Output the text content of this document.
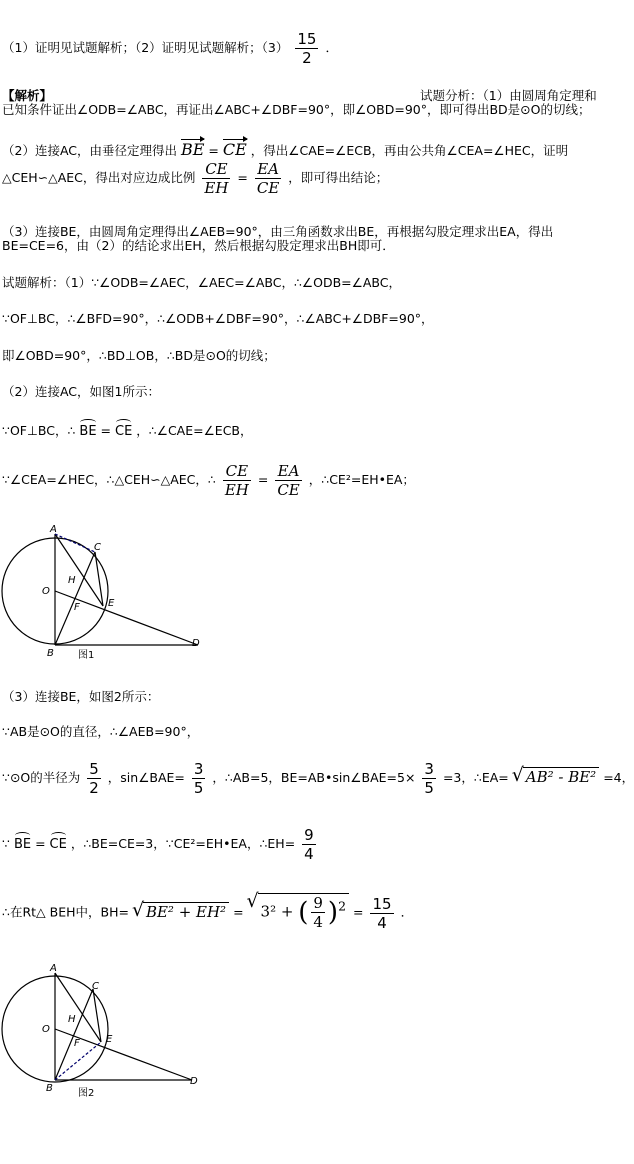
（1）证明见试题解析；（2）证明见试题解析；$(3) \frac{15}{2}$ ．
【解析】	试题分析：（1）由圆周角定理和
已知条件证出∠ODB=∠ABC，再证出∠ABC+∠DBF=90°，即∠OBD=90°，即可得出BD是⊙O的切线；
（2）连接AC，由垂径定理得出 BE = CE ，得出∠CAE=∠ECB，再由公共角∠CEA=∠HEC，证明
△CEH∽△AEC，得出对应边成比例 $\frac{CE}{EH} = \frac{EA}{CE}$ ，即可得出结论；
（3）连接BE，由圆周角定理得出∠AEB=90°，由三角函数求出BE，再根据勾股定理求出EA，得出
BE=CE=6，由（2）的结论求出EH，然后根据勾股定理求出BH即可．
试题解析：（1）∵∠ODB=∠AEC，∠AEC=∠ABC，∴∠ODB=∠ABC，
∵OF⊥BC，∴∠BFD=90°，∴∠ODB+∠DBF=90°，∴∠ABC+∠DBF=90°，
即∠OBD=90°，∴BD⊥OB，∴BD是⊙O的切线；
（2）连接AC，如图1所示：
∵OF⊥BC，∴ BE = CE ，∴∠CAE=∠ECB，
∵∠CEA=∠HEC，∴△CEH∽△AEC，∴ $\frac{CE}{EH} = \frac{EA}{CE}$ ，∴CE²=EH•EA；
A
C
O
H
F	E
B
D
图1
（3）连接BE，如图2所示：
∵AB是⊙O的直径，∴∠AEB=90°，
∵⊙O的半径为 $\frac{5}{2}$ ，sin∠BAE= $\frac{3}{5}$ ，∴AB=5，BE=AB•sin∠BAE=5× $\frac{3}{5} =3$，∴EA= √ AB² - BE² =4，
∵ BE = CE ，∴BE=CE=3，∵CE²=EH•EA，∴EH= $\frac{9}{4}$
∴在Rt△ BEH中，BH= √ BE² + EH² = √ 3² + ( $\frac{9}{4} )^2 = \frac{15}{4}$ ．
A
C
O
H
F	E
B
D
图2
